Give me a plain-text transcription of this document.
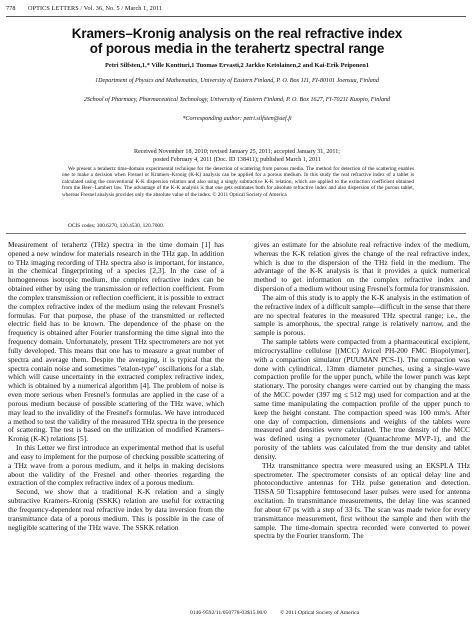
778 OPTICS LETTERS / Vol. 36, No. 5 / March 1, 2011
Kramers–Kronig analysis on the real refractive index
of porous media in the terahertz spectral range
Petri Silfsten,1,* Ville Kontturi,1 Tuomas Ervasti,2 Jarkko Ketolainen,2 and Kai-Erik Peiponen1
1Department of Physics and Mathematics, University of Eastern Finland, P. O. Box 111, FI-80101 Joensuu, Finland
2School of Pharmacy, Pharmaceutical Technology, University of Eastern Finland, P. O. Box 1627, FI-70211 Kuopio, Finland
*Corresponding author: petri.silfsten@uef.fi
Received November 18, 2010; revised January 25, 2011; accepted January 31, 2011;
posted February 4, 2011 (Doc. ID 138411); published March 1, 2011
We present a terahertz time-domain experimental technique for the detection of scattering from porous media. The method for detection of the scattering enables one to make a decision when Fresnel or Kramers–Kronig (K-K) analysis can be applied for a porous medium. In this study the real refractive index of a tablet is calculated using the conventional K-K dispersion relation and also using a singly subtractive K-K relation, which are applied to the extinction coefficient obtained from the Beer–Lambert law. The advantage of the K-K analysis is that one gets estimates both for absolute refractive index and also dispersion of the porous tablet, whereas Fresnel analysis provides only the absolute value of the index. © 2011 Optical Society of America
OCIS codes: 300.6270, 120.4530, 120.7000.

Measurement of terahertz (THz) spectra in the time domain [1] has opened a new window for materials research in the THz gap. In addition to THz imaging recording of THz spectra also is important, for instance, in the chemical fingerprinting of a species [2,3]. In the case of a homogeneous isotropic medium, the complex refractive index can be obtained either by using the transmission or reflection coefficient. From the complex transmission or reflection coefficient, it is possible to extract the complex refractive index of the medium using the relevant Fresnel's formulas. For that purpose, the phase of the transmitted or reflected electric field has to be known. The dependence of the phase on the frequency is obtained after Fourier transforming the time signal into the frequency domain. Unfortunately, present THz spectrometers are not yet fully developed. This means that one has to measure a great number of spectra and average them. Despite the averaging, it is typical that the spectra contain noise and sometimes "etalon-type" oscillations for a slab, which will cause uncertainty in the extracted complex refractive index, which is obtained by a numerical algorithm [4]. The problem of noise is even more serious when Fresnel's formulas are applied in the case of a porous medium because of possible scattering of the THz wave, which may lead to the invalidity of the Fresnel's formulas. We have introduced a method to test the validity of the measured THz spectra in the presence of scattering. The test is based on the utilization of modified Kramers–Kronig (K-K) relations [5].

In this Letter we first introduce an experimental method that is useful and easy to implement for the purpose of checking possible scattering of a THz wave from a porous medium, and it helps in making decisions about the validity of the Fresnel and other theories regarding the extraction of the complex refractive index of a porous medium.

Second, we show that a traditional K-K relation and a singly subtractive Kramers–Kronig (SSKK) relation are useful for extracting the frequency-dependent real refractive index by data inversion from the transmittance data of a porous medium. This is possible in the case of negligible scattering of the THz wave. The SSKK relation

gives an estimate for the absolute real refractive index of the medium, whereas the K-K relation gives the change of the real refractive index, which is due to the dispersion of the THz field in the medium. The advantage of the K-K analysis is that it provides a quick numerical method to get information on the complex refractive index and dispersion of a medium without using Fresnel's formula for transmission.

The aim of this study is to apply the K-K analysis in the estimation of the refractive index of a difficult sample—difficult in the sense that there are no spectral features in the measured THz spectral range; i.e., the sample is amorphous, the spectral range is relatively narrow, and the sample is porous.

The sample tablets were compacted from a pharmaceutical excipient, microcrystalline cellulose [(MCC) Avicel PH-200 FMC Biopolymer], with a compaction simulator (PUUMAN PCS-1). The compaction was done with cylindrical, 13mm diameter punches, using a single-wave compaction profile for the upper punch, while the lower punch was kept stationary. The porosity changes were carried out by changing the mass of the MCC powder (397 mg ≤ 512 mg) used for compaction and at the same time manipulating the compaction profile of the upper punch to keep the height constant. The compaction speed was 100 mm/s. After one day of compaction, dimensions and weights of the tablets were measured and densities were calculated. The true density of the MCC was defined using a pycnometer (Quantachrome MVP-1), and the porosity of the tablets was calculated from the true density and tablet density.

THz transmittance spectra were measured using an EKSPLA THz spectrometer. The spectrometer consists of an optical delay line and photoconductive antennas for THz pulse generation and detection. TISSA 50 Ti:sapphire femtosecond laser pulses were used for antenna excitation. In transmittance measurements, the delay line was scanned for about 67 ps with a step of 33 fs. The scan was made twice for every transmittance measurement, first without the sample and then with the sample. The time-domain spectra recorded were converted to power spectra by the Fourier transform. The

0146-9592/11/050778-03$15.00/0 © 2011 Optical Society of America
